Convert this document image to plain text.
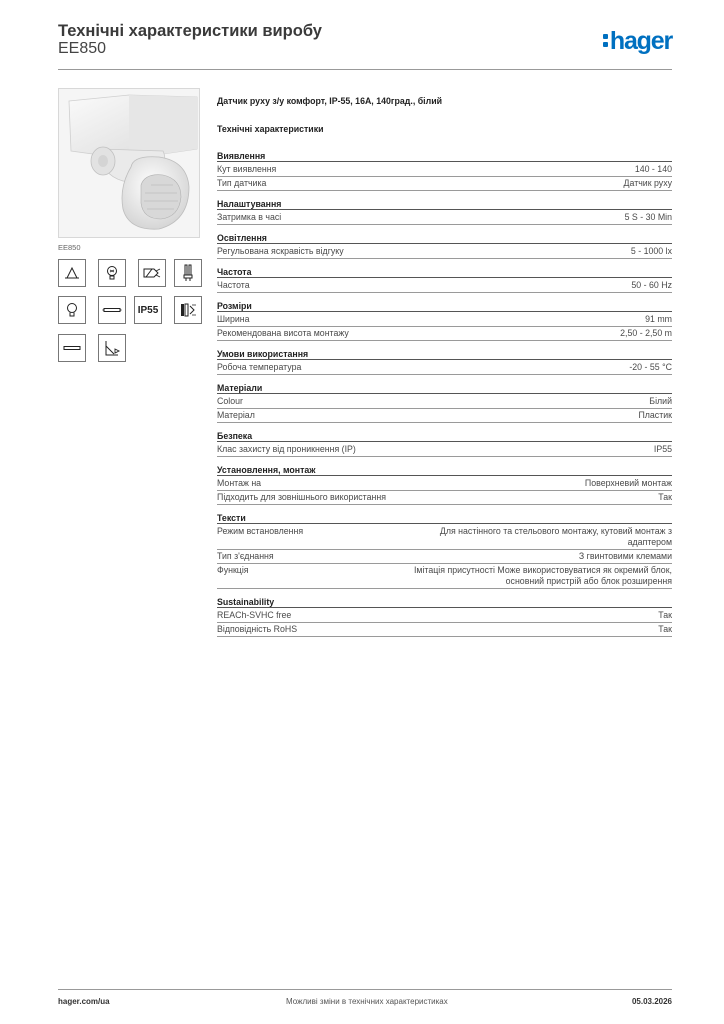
Технічні характеристики виробу
EE850	hager
EE850
IP55
Датчик руху з/у комфорт, IP-55, 16A, 140град., білий
Технічні характеристики
Виявлення
Кут виявлення	140 - 140
Тип датчика	Датчик руху
Налаштування
Затримка в часі	5 S - 30 Min
Освітлення
Регульована яскравість відгуку	5 - 1000 lx
Частота
Частота	50 - 60 Hz
Розміри
Ширина	91 mm
Рекомендована висота монтажу	2,50 - 2,50 m
Умови використання
Робоча температура	-20 - 55 °C
Матеріали
Colour	Білий
Матеріал	Пластик
Безпека
Клас захисту від проникнення (IP)	IP55
Установлення, монтаж
Монтаж на	Поверхневий монтаж
Підходить для зовнішнього використання	Так
Тексти
Режим встановлення	Для настінного та стельового монтажу, кутовий монтаж з адаптером
Тип з'єднання	З гвинтовими клемами
Функція	Імітація присутності Може використовуватися як окремий блок, основний пристрій або блок розширення
Sustainability
REACh-SVHC free	Так
Відповідність RoHS	Так
hager.com/ua	Можливі зміни в технічних характеристиках	05.03.2026
